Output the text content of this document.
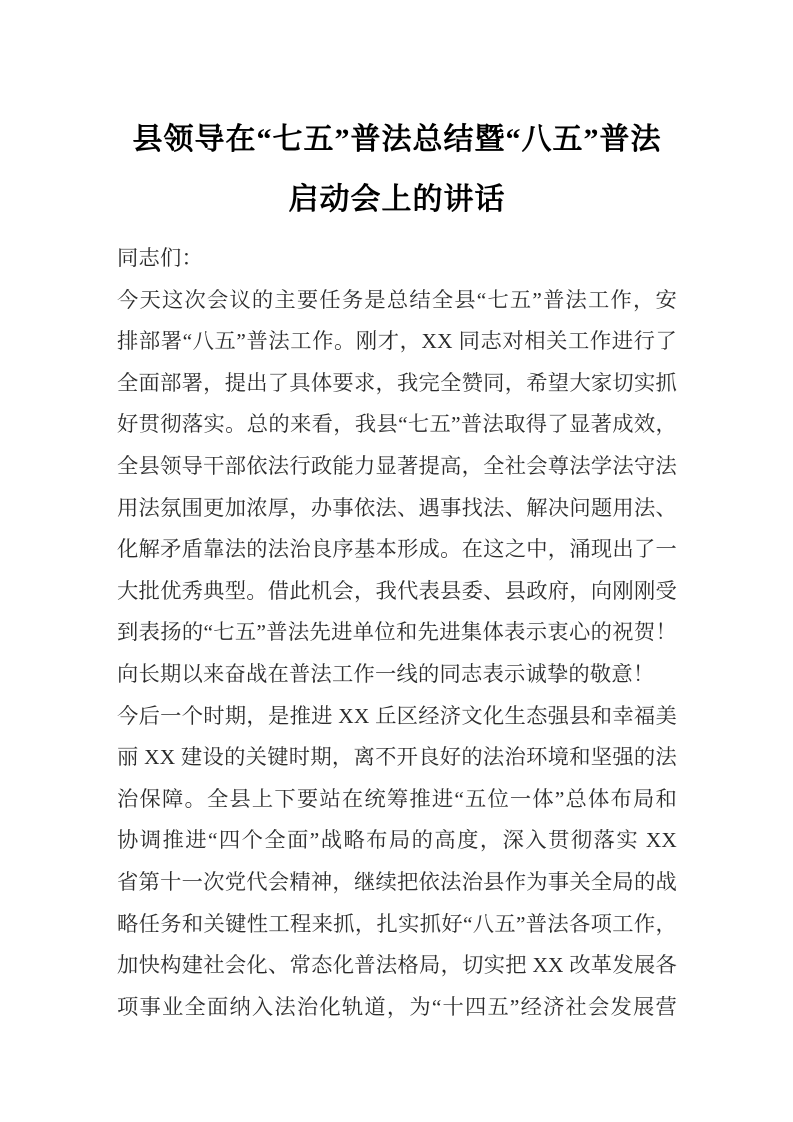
县领导在“七五”普法总结暨“八五”普法
启动会上的讲话
同志们：
今天这次会议的主要任务是总结全县“七五”普法工作，安
排部署“八五”普法工作。刚才，XX 同志对相关工作进行了
全面部署，提出了具体要求，我完全赞同，希望大家切实抓
好贯彻落实。总的来看，我县“七五”普法取得了显著成效，
全县领导干部依法行政能力显著提高，全社会尊法学法守法
用法氛围更加浓厚，办事依法、遇事找法、解决问题用法、
化解矛盾靠法的法治良序基本形成。在这之中，涌现出了一
大批优秀典型。借此机会，我代表县委、县政府，向刚刚受
到表扬的“七五”普法先进单位和先进集体表示衷心的祝贺！
向长期以来奋战在普法工作一线的同志表示诚挚的敬意！
今后一个时期，是推进 XX 丘区经济文化生态强县和幸福美
丽 XX 建设的关键时期，离不开良好的法治环境和坚强的法
治保障。全县上下要站在统筹推进“五位一体”总体布局和
协调推进“四个全面”战略布局的高度，深入贯彻落实 XX
省第十一次党代会精神，继续把依法治县作为事关全局的战
略任务和关键性工程来抓，扎实抓好“八五”普法各项工作，
加快构建社会化、常态化普法格局，切实把 XX 改革发展各
项事业全面纳入法治化轨道，为“十四五”经济社会发展营
